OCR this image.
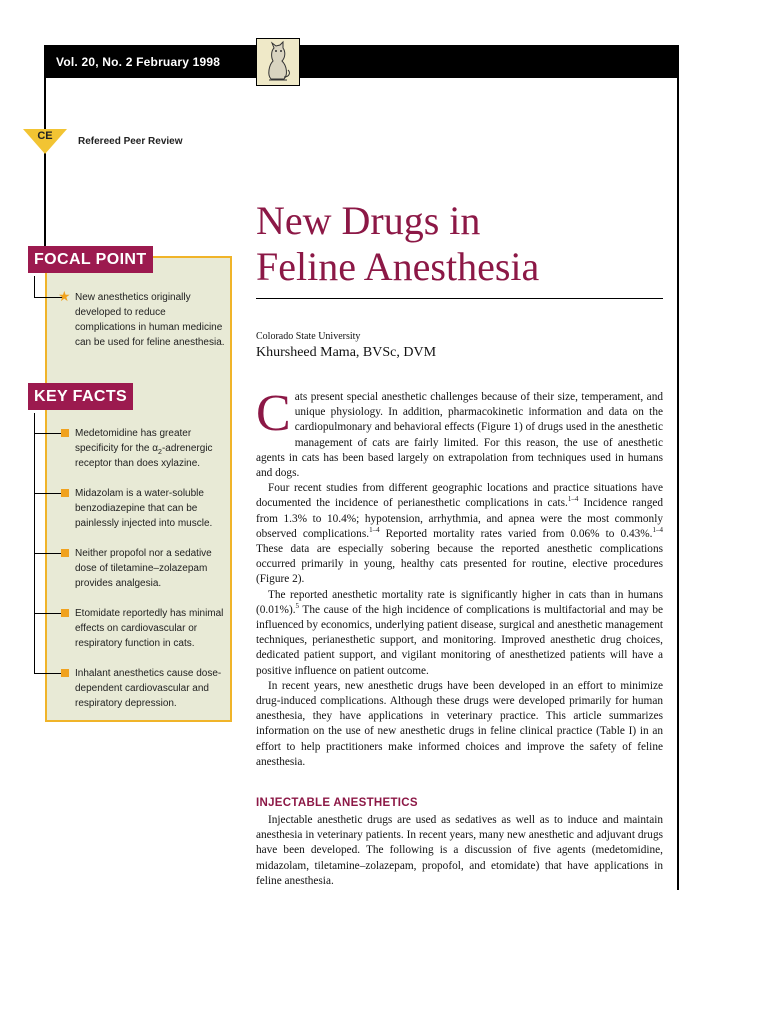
Vol. 20, No. 2 February 1998
CE	Refereed Peer Review
FOCAL POINT
KEY FACTS
★ New anesthetics originally developed to reduce complications in human medicine can be used for feline anesthesia.
Medetomidine has greater specificity for the $\alpha_2$-adrenergic receptor than does xylazine.
Midazolam is a water-soluble benzodiazepine that can be painlessly injected into muscle.
Neither propofol nor a sedative dose of tiletamine–zolazepam provides analgesia.
Etomidate reportedly has minimal effects on cardiovascular or respiratory function in cats.
Inhalant anesthetics cause dose-dependent cardiovascular and respiratory depression.
New Drugs in
Feline Anesthesia
Colorado State University
Khursheed Mama, BVSc, DVM

Cats present special anesthetic challenges because of their size, temperament, and unique physiology. In addition, pharmacokinetic information and data on the cardiopulmonary and behavioral effects (Figure 1) of drugs used in the anesthetic management of cats are fairly limited. For this reason, the use of anesthetic agents in cats has been based largely on extrapolation from techniques used in humans and dogs.

Four recent studies from different geographic locations and practice situations have documented the incidence of perianesthetic complications in cats.$^{1-4}$ Incidence ranged from 1.3% to 10.4%; hypotension, arrhythmia, and apnea were the most commonly observed complications.$^{1-4}$ Reported mortality rates varied from 0.06% to 0.43%.$^{1-4}$ These data are especially sobering because the reported anesthetic complications occurred primarily in young, healthy cats presented for routine, elective procedures (Figure 2).

The reported anesthetic mortality rate is significantly higher in cats than in humans (0.01%).$^5$ The cause of the high incidence of complications is multifactorial and may be influenced by economics, underlying patient disease, surgical and anesthetic management techniques, perianesthetic support, and monitoring. Improved anesthetic drug choices, dedicated patient support, and vigilant monitoring of anesthetized patients will have a positive influence on patient outcome.

In recent years, new anesthetic drugs have been developed in an effort to minimize drug-induced complications. Although these drugs were developed primarily for human anesthesia, they have applications in veterinary practice. This article summarizes information on the use of new anesthetic drugs in feline clinical practice (Table I) in an effort to help practitioners make informed choices and improve the safety of feline anesthesia.

INJECTABLE ANESTHETICS

Injectable anesthetic drugs are used as sedatives as well as to induce and maintain anesthesia in veterinary patients. In recent years, many new anesthetic and adjuvant drugs have been developed. The following is a discussion of five agents (medetomidine, midazolam, tiletamine–zolazepam, propofol, and etomidate) that have applications in feline anesthesia.
